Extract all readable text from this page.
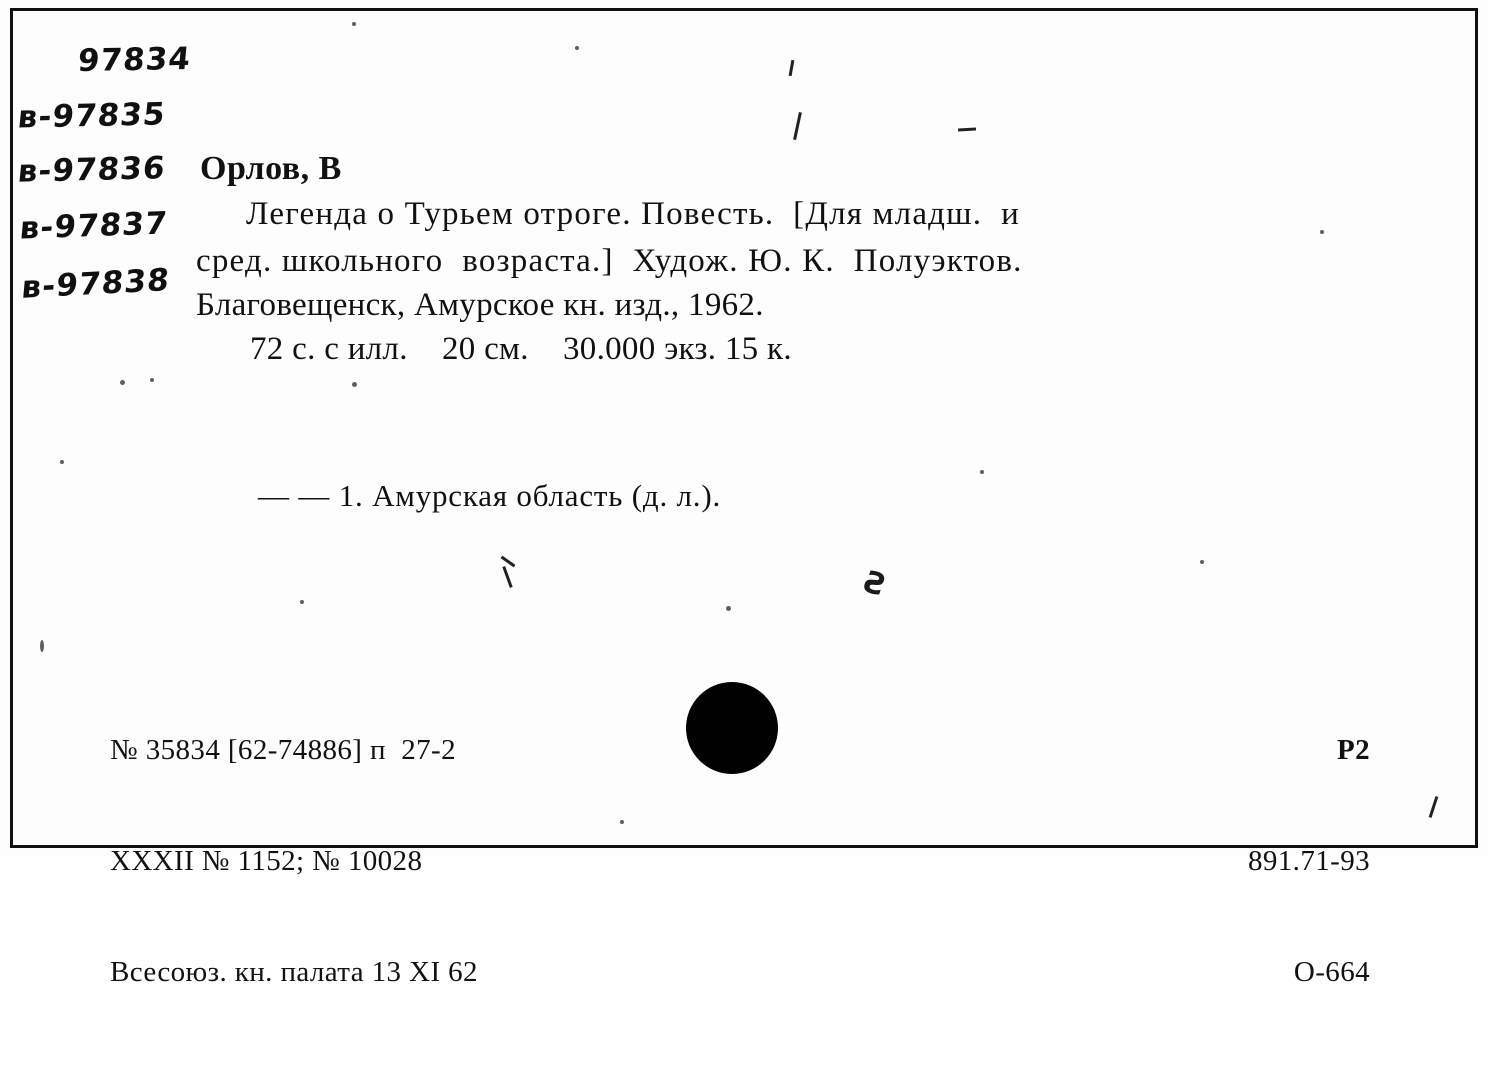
97834
в-97835
в-97836
в-97837
в-97838
Орлов, В
Легенда о Турьем отроге. Повесть.  [Для младш.  и
сред. школьного  возраста.]  Худож. Ю. К.  Полуэктов.
Благовещенск, Амурское кн. изд., 1962.
72 с. с илл.    20 см.    30.000 экз. 15 к.
— — 1. Амурская область (д. л.).

№ 35834 [62-74886] п  27-2

XXXII № 1152; № 10028

Всесоюз. кн. палата 13 XI 62

Р2

891.71-93

О-664

Ƨ
